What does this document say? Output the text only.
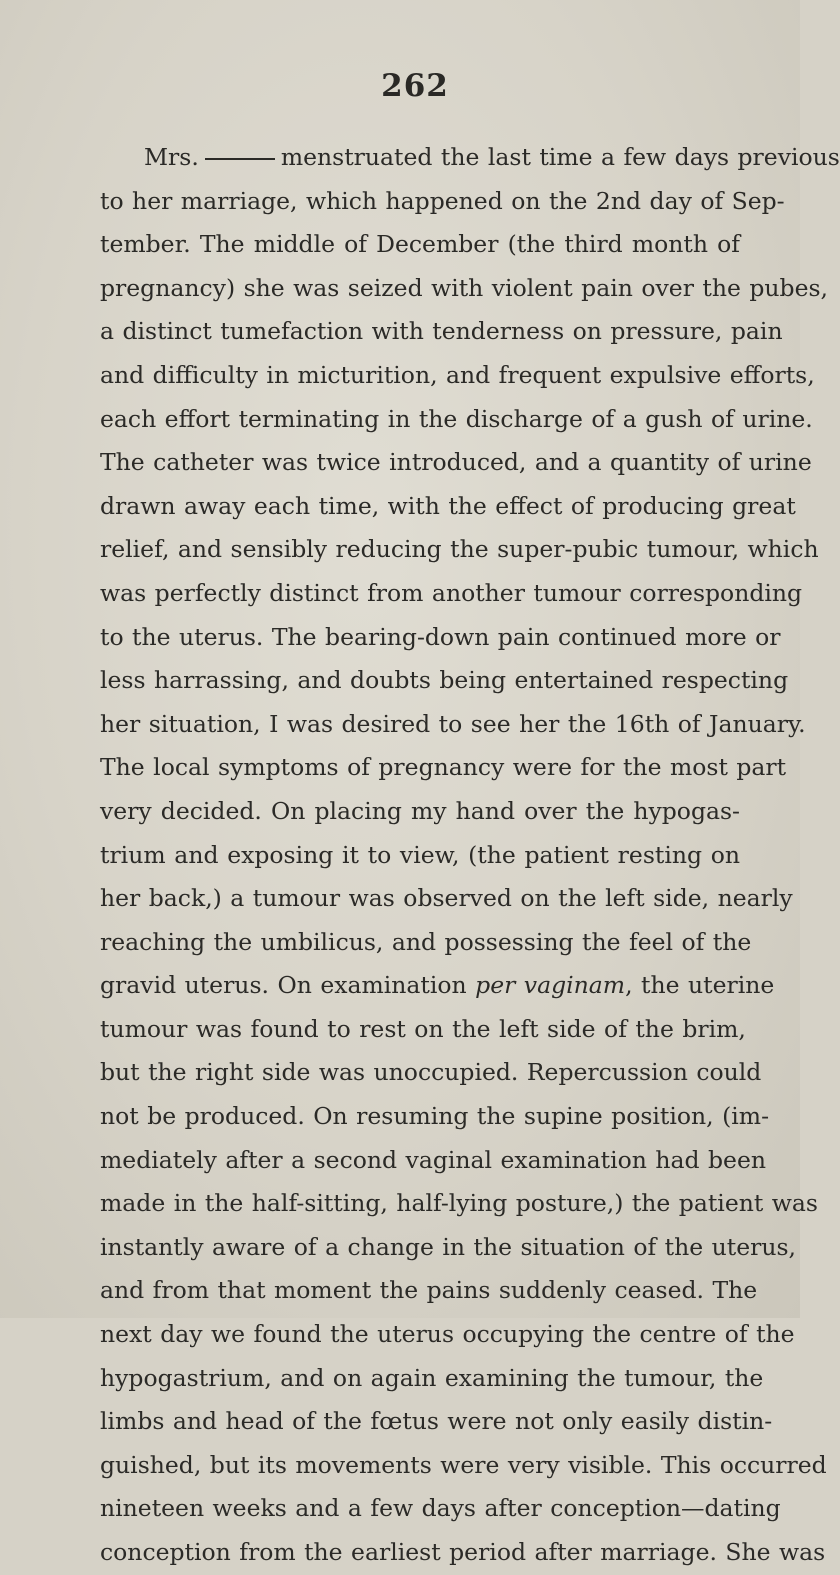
262
Mrs.	menstruated the last time a few days previous
to her marriage, which happened on the 2nd day of Sep-
tember. The middle of December (the third month of
pregnancy) she was seized with violent pain over the pubes,
a distinct tumefaction with tenderness on pressure, pain
and difficulty in micturition, and frequent expulsive efforts,
each effort terminating in the discharge of a gush of urine.
The catheter was twice introduced, and a quantity of urine
drawn away each time, with the effect of producing great
relief, and sensibly reducing the super-pubic tumour, which
was perfectly distinct from another tumour corresponding
to the uterus. The bearing-down pain continued more or
less harrassing, and doubts being entertained respecting
her situation, I was desired to see her the 16th of January.
The local symptoms of pregnancy were for the most part
very decided. On placing my hand over the hypogas-
trium and exposing it to view, (the patient resting on
her back,) a tumour was observed on the left side, nearly
reaching the umbilicus, and possessing the feel of the
gravid uterus. On examination per vaginam, the uterine
tumour was found to rest on the left side of the brim,
but the right side was unoccupied. Repercussion could
not be produced. On resuming the supine position, (im-
mediately after a second vaginal examination had been
made in the half-sitting, half-lying posture,) the patient was
instantly aware of a change in the situation of the uterus,
and from that moment the pains suddenly ceased. The
next day we found the uterus occupying the centre of the
hypogastrium, and on again examining the tumour, the
limbs and head of the fœtus were not only easily distin-
guished, but its movements were very visible. This occurred
nineteen weeks and a few days after conception—dating
conception from the earliest period after marriage. She was
